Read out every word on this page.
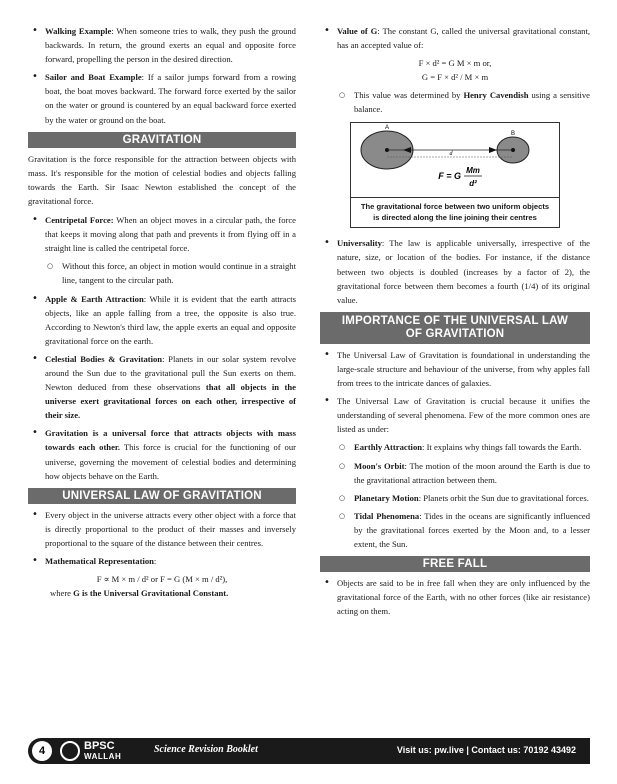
• Walking Example: When someone tries to walk, they push the ground backwards. In return, the ground exerts an equal and opposite force forward, propelling the person in the desired direction.
• Sailor and Boat Example: If a sailor jumps forward from a rowing boat, the boat moves backward. The forward force exerted by the sailor on the water or ground is countered by an equal backward force exerted by the water or ground on the boat.
GRAVITATION
Gravitation is the force responsible for the attraction between objects with mass. It's responsible for the motion of celestial bodies and objects falling towards the Earth. Sir Isaac Newton established the concept of the gravitational force.
• Centripetal Force: When an object moves in a circular path, the force that keeps it moving along that path and prevents it from flying off in a straight line is called the centripetal force.
○ Without this force, an object in motion would continue in a straight line, tangent to the circular path.
• Apple & Earth Attraction: While it is evident that the earth attracts objects, like an apple falling from a tree, the opposite is also true. According to Newton's third law, the apple exerts an equal and opposite gravitational force on the earth.
• Celestial Bodies & Gravitation: Planets in our solar system revolve around the Sun due to the gravitational pull the Sun exerts on them. Newton deduced from these observations that all objects in the universe exert gravitational forces on each other, irrespective of their size.
• Gravitation is a universal force that attracts objects with mass towards each other. This force is crucial for the functioning of our universe, governing the movement of celestial bodies and determining how objects behave on the Earth.
UNIVERSAL LAW OF GRAVITATION
• Every object in the universe attracts every other object with a force that is directly proportional to the product of their masses and inversely proportional to the square of the distance between their centres.
• Mathematical Representation:
F ∝ M × m / d² or F = G (M × m / d²),
where G is the Universal Gravitational Constant.
• Value of G: The constant G, called the universal gravitational constant, has an accepted value of:
F × d² = G M × m or,
G = F × d² / M × m
○ This value was determined by Henry Cavendish using a sensitive balance.
A
B
d
F = G
Mm
d²
The gravitational force between two uniform objects is directed along the line joining their centres
• Universality: The law is applicable universally, irrespective of the nature, size, or location of the bodies. For instance, if the distance between two objects is doubled (increases by a factor of 2), the gravitational force between them becomes a fourth (1/4) of its original value.
IMPORTANCE OF THE UNIVERSAL LAW
OF GRAVITATION
• The Universal Law of Gravitation is foundational in understanding the large-scale structure and behaviour of the universe, from why apples fall from trees to the intricate dances of galaxies.
• The Universal Law of Gravitation is crucial because it unifies the understanding of several phenomena. Few of the more common ones are listed as under:
○ Earthly Attraction: It explains why things fall towards the Earth.
○ Moon's Orbit: The motion of the moon around the Earth is due to the gravitational attraction between them.
○ Planetary Motion: Planets orbit the Sun due to gravitational forces.
○ Tidal Phenomena: Tides in the oceans are significantly influenced by the gravitational forces exerted by the Moon and, to a lesser extent, the Sun.
FREE FALL
• Objects are said to be in free fall when they are only influenced by the gravitational force of the Earth, with no other forces (like air resistance) acting on them.
4	BPSC
WALLAH
Science Revision Booklet	Visit us: pw.live | Contact us: 70192 43492
